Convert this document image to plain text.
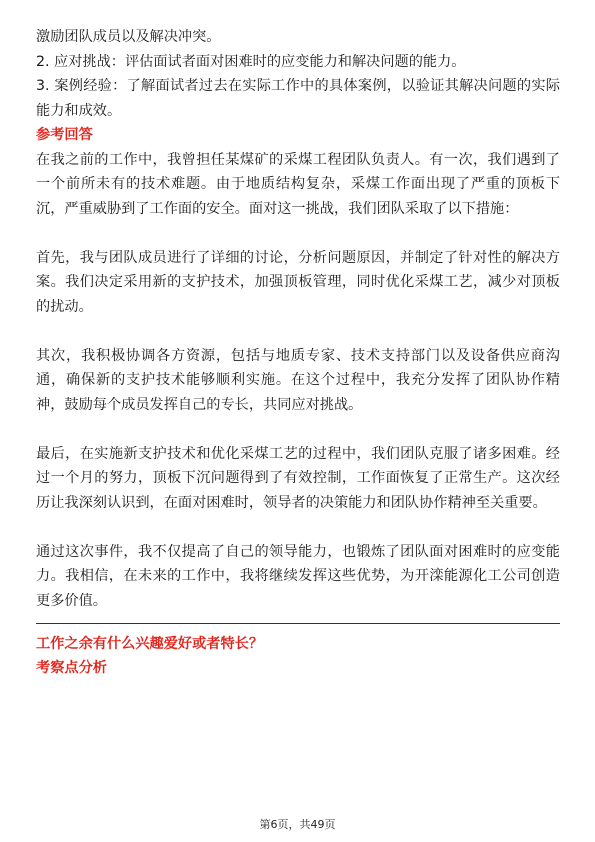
激励团队成员以及解决冲突。

2. 应对挑战：评估面试者面对困难时的应变能力和解决问题的能力。

3. 案例经验：了解面试者过去在实际工作中的具体案例，以验证其解决问题的实际能力和成效。

参考回答

在我之前的工作中，我曾担任某煤矿的采煤工程团队负责人。有一次，我们遇到了一个前所未有的技术难题。由于地质结构复杂，采煤工作面出现了严重的顶板下沉，严重威胁到了工作面的安全。面对这一挑战，我们团队采取了以下措施：

首先，我与团队成员进行了详细的讨论，分析问题原因，并制定了针对性的解决方案。我们决定采用新的支护技术，加强顶板管理，同时优化采煤工艺，减少对顶板的扰动。

其次，我积极协调各方资源，包括与地质专家、技术支持部门以及设备供应商沟通，确保新的支护技术能够顺利实施。在这个过程中，我充分发挥了团队协作精神，鼓励每个成员发挥自己的专长，共同应对挑战。

最后，在实施新支护技术和优化采煤工艺的过程中，我们团队克服了诸多困难。经过一个月的努力，顶板下沉问题得到了有效控制，工作面恢复了正常生产。这次经历让我深刻认识到，在面对困难时，领导者的决策能力和团队协作精神至关重要。

通过这次事件，我不仅提高了自己的领导能力，也锻炼了团队面对困难时的应变能力。我相信，在未来的工作中，我将继续发挥这些优势，为开滦能源化工公司创造更多价值。

工作之余有什么兴趣爱好或者特长？

考察点分析

第6页，共49页
